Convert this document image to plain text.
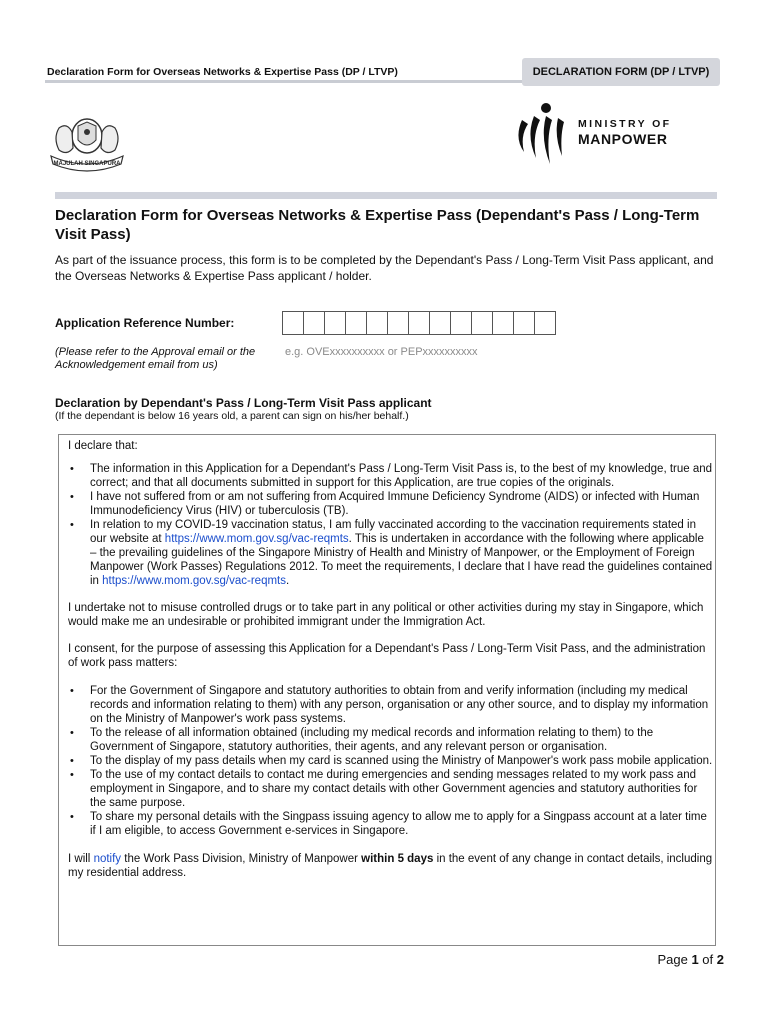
Declaration Form for Overseas Networks & Expertise Pass (DP / LTVP)	DECLARATION FORM (DP / LTVP)
MAJULAH SINGAPURA
MINISTRY OF
MANPOWER
Declaration Form for Overseas Networks & Expertise Pass (Dependant's Pass / Long-Term Visit Pass)
As part of the issuance process, this form is to be completed by the Dependant's Pass / Long-Term Visit Pass applicant, and the Overseas Networks & Expertise Pass applicant / holder.
Application Reference Number:
(Please refer to the Approval email or the Acknowledgement email from us)
e.g. OVExxxxxxxxxx or PEPxxxxxxxxxx
Declaration by Dependant's Pass / Long-Term Visit Pass applicant
(If the dependant is below 16 years old, a parent can sign on his/her behalf.)

I declare that:

• The information in this Application for a Dependant's Pass / Long-Term Visit Pass is, to the best of my knowledge, true and correct; and that all documents submitted in support for this Application, are true copies of the originals.
• I have not suffered from or am not suffering from Acquired Immune Deficiency Syndrome (AIDS) or infected with Human Immunodeficiency Virus (HIV) or tuberculosis (TB).
• In relation to my COVID-19 vaccination status, I am fully vaccinated according to the vaccination requirements stated in our website at https://www.mom.gov.sg/vac-reqmts. This is undertaken in accordance with the following where applicable – the prevailing guidelines of the Singapore Ministry of Health and Ministry of Manpower, or the Employment of Foreign Manpower (Work Passes) Regulations 2012. To meet the requirements, I declare that I have read the guidelines contained in https://www.mom.gov.sg/vac-reqmts.

I undertake not to misuse controlled drugs or to take part in any political or other activities during my stay in Singapore, which would make me an undesirable or prohibited immigrant under the Immigration Act.

I consent, for the purpose of assessing this Application for a Dependant's Pass / Long-Term Visit Pass, and the administration of work pass matters:

• For the Government of Singapore and statutory authorities to obtain from and verify information (including my medical records and information relating to them) with any person, organisation or any other source, and to display my information on the Ministry of Manpower's work pass systems.
• To the release of all information obtained (including my medical records and information relating to them) to the Government of Singapore, statutory authorities, their agents, and any relevant person or organisation.
• To the display of my pass details when my card is scanned using the Ministry of Manpower's work pass mobile application.
• To the use of my contact details to contact me during emergencies and sending messages related to my work pass and employment in Singapore, and to share my contact details with other Government agencies and statutory authorities for the same purpose.
• To share my personal details with the Singpass issuing agency to allow me to apply for a Singpass account at a later time if I am eligible, to access Government e-services in Singapore.

I will notify the Work Pass Division, Ministry of Manpower within 5 days in the event of any change in contact details, including my residential address.

Page 1 of 2
